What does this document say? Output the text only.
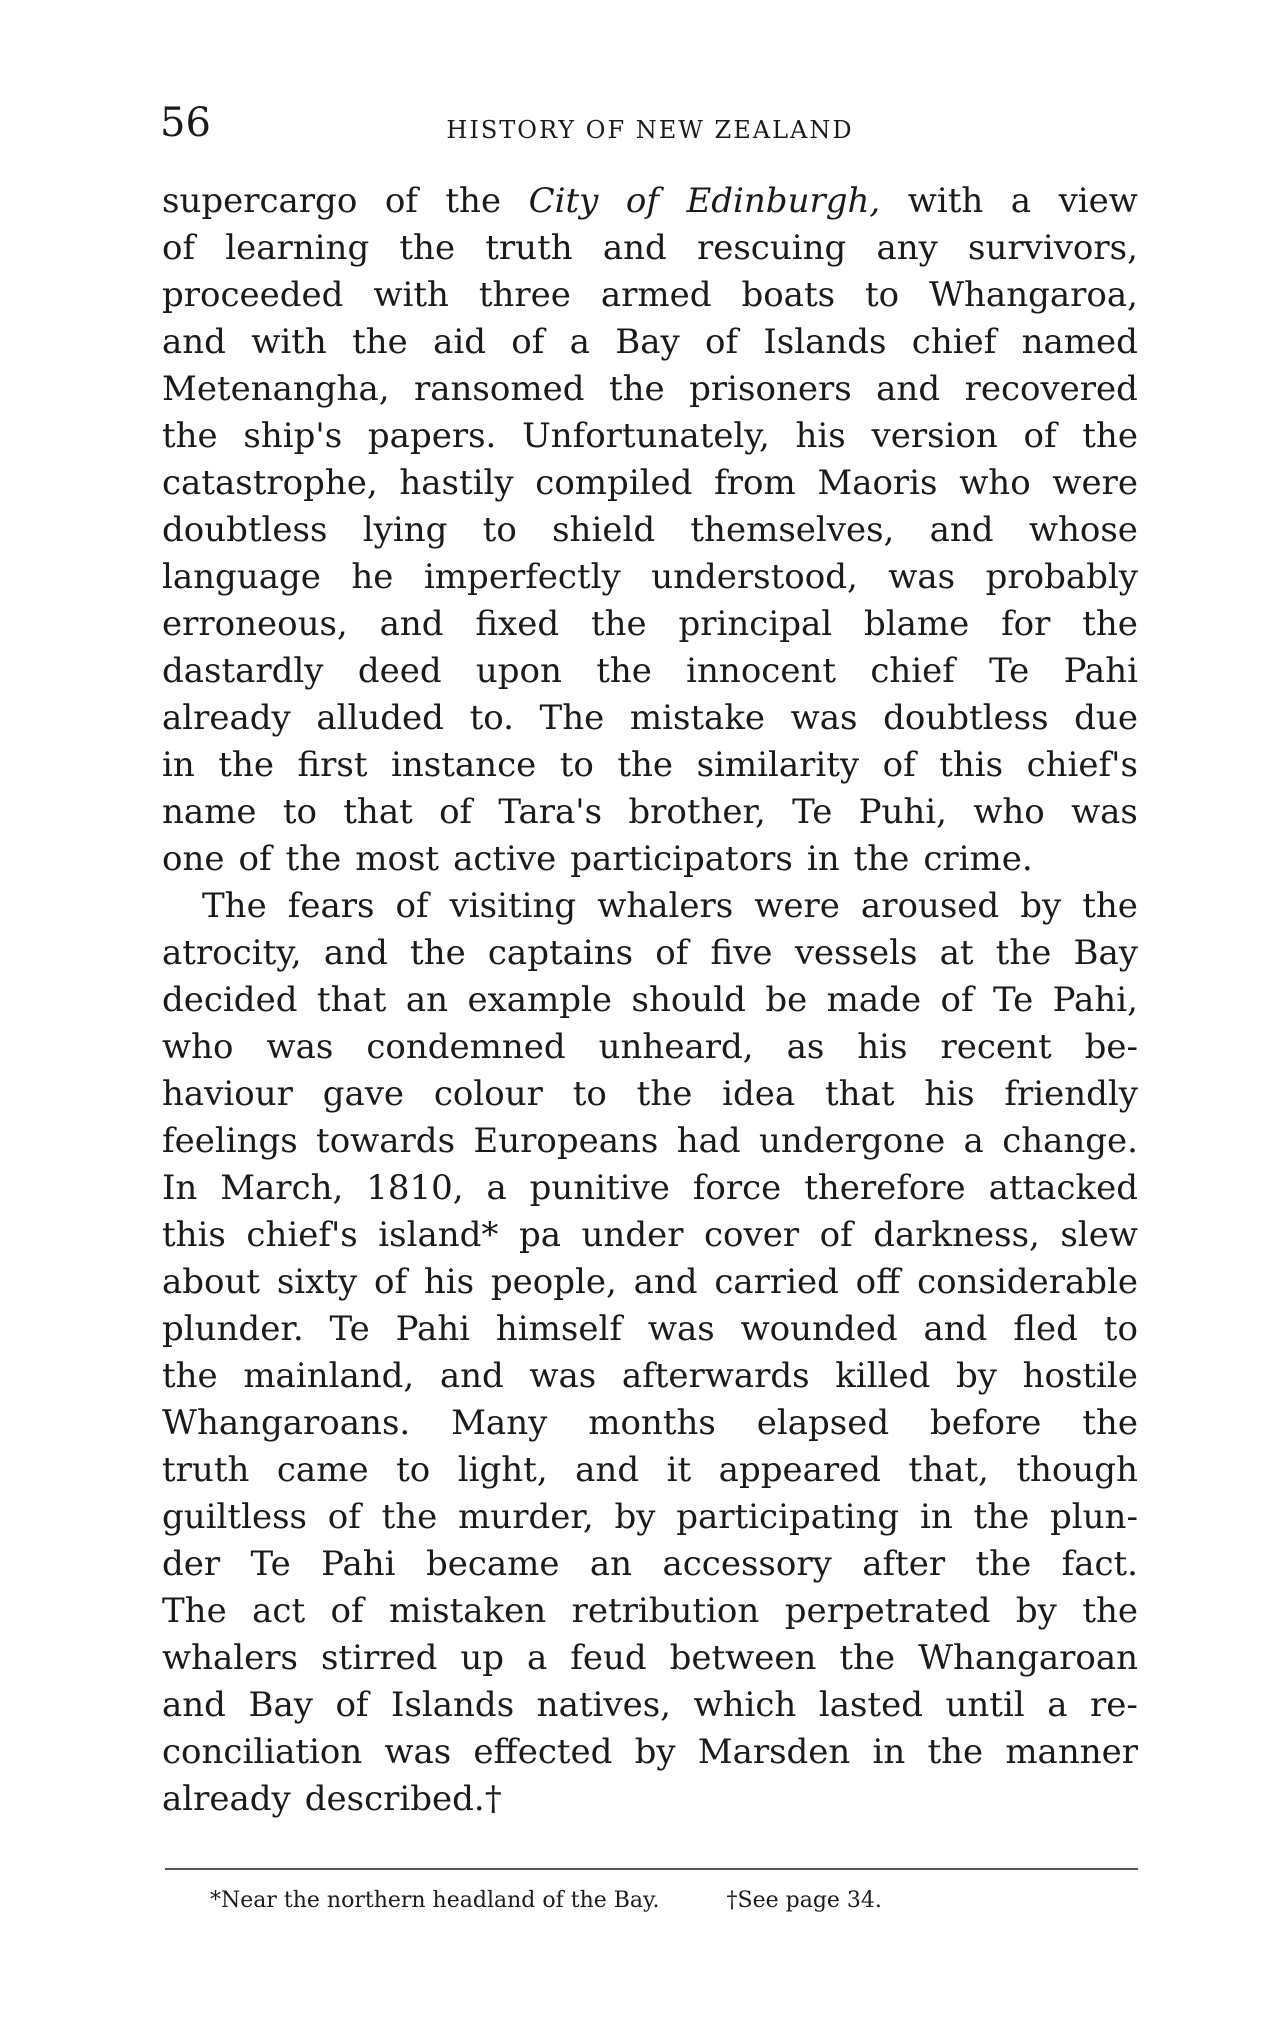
56	HISTORY OF NEW ZEALAND
supercargo of the City of Edinburgh, with a view
of learning the truth and rescuing any survivors,
proceeded with three armed boats to Whangaroa,
and with the aid of a Bay of Islands chief named
Metenangha, ransomed the prisoners and recovered
the ship's papers. Unfortunately, his version of the
catastrophe, hastily compiled from Maoris who were
doubtless lying to shield themselves, and whose
language he imperfectly understood, was probably
erroneous, and fixed the principal blame for the
dastardly deed upon the innocent chief Te Pahi
already alluded to. The mistake was doubtless due
in the first instance to the similarity of this chief's
name to that of Tara's brother, Te Puhi, who was
one of the most active participators in the crime.
The fears of visiting whalers were aroused by the
atrocity, and the captains of five vessels at the Bay
decided that an example should be made of Te Pahi,
who was condemned unheard, as his recent be-
haviour gave colour to the idea that his friendly
feelings towards Europeans had undergone a change.
In March, 1810, a punitive force therefore attacked
this chief's island* pa under cover of darkness, slew
about sixty of his people, and carried off considerable
plunder. Te Pahi himself was wounded and fled to
the mainland, and was afterwards killed by hostile
Whangaroans. Many months elapsed before the
truth came to light, and it appeared that, though
guiltless of the murder, by participating in the plun-
der Te Pahi became an accessory after the fact.
The act of mistaken retribution perpetrated by the
whalers stirred up a feud between the Whangaroan
and Bay of Islands natives, which lasted until a re-
conciliation was effected by Marsden in the manner
already described.†
*Near the northern headland of the Bay.	†See page 34.
